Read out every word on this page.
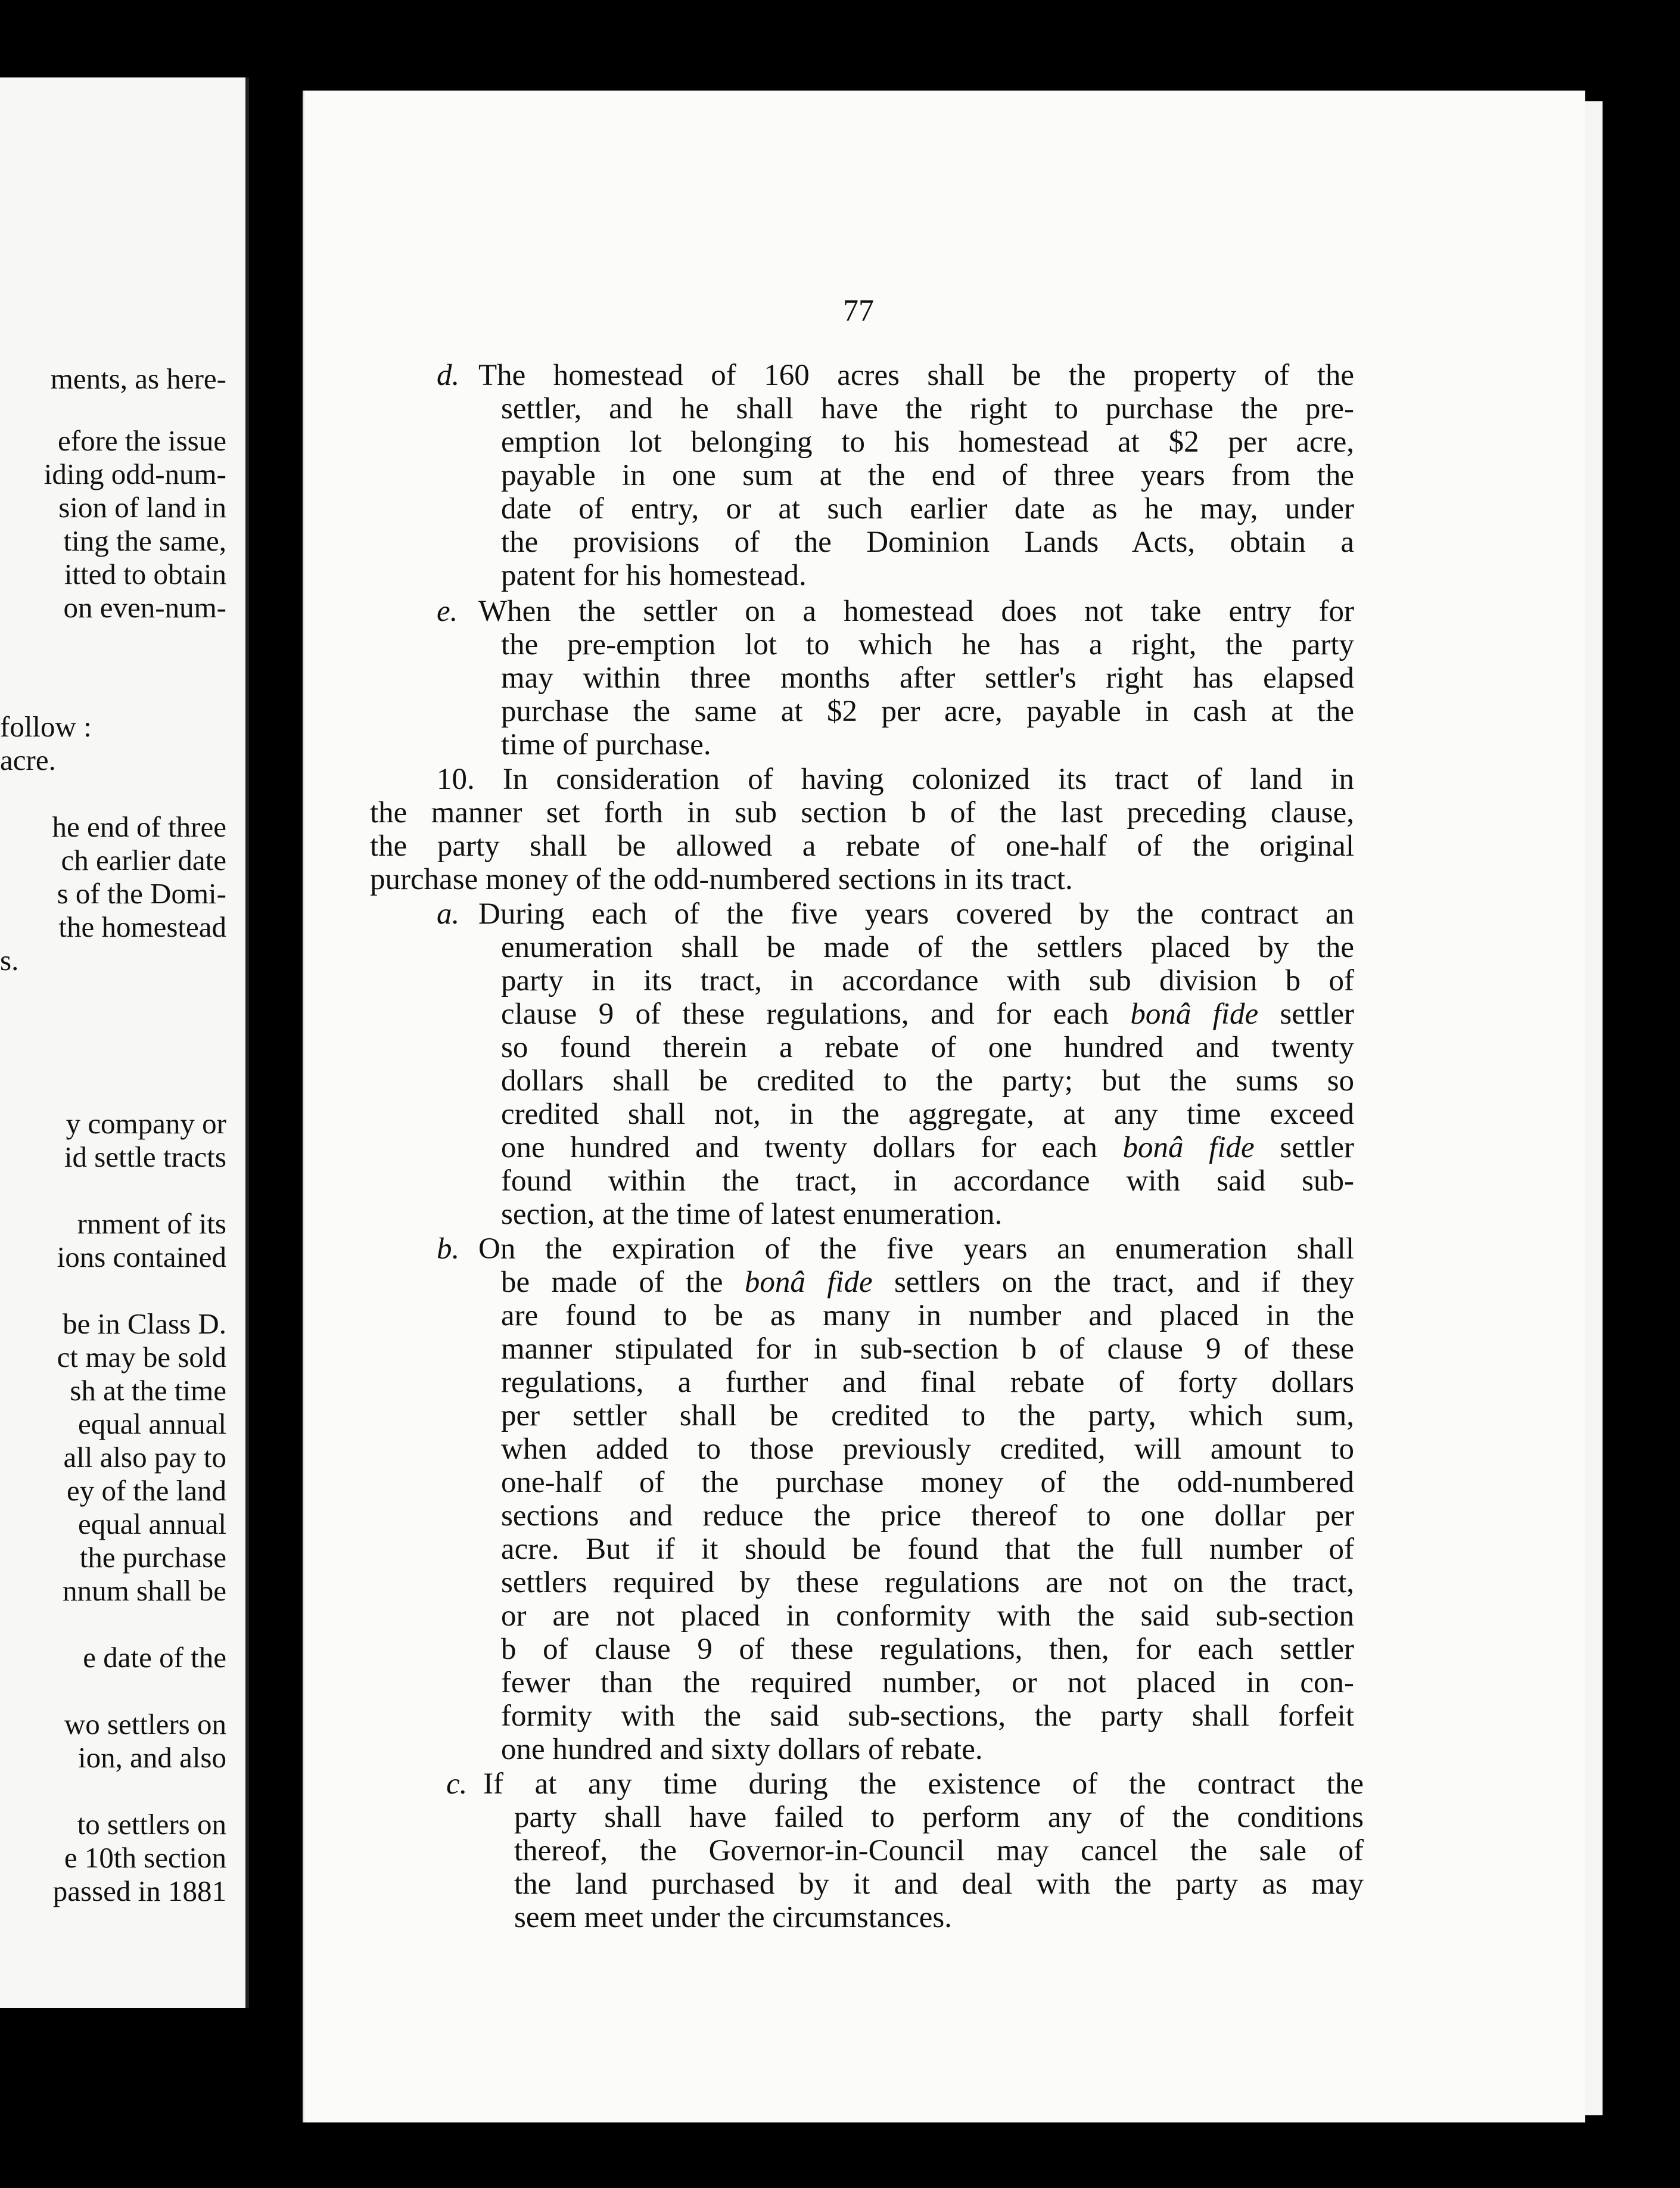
ments, as here-
efore the issue
iding odd-num-
sion of land in
ting the same,
itted to obtain
on even-num-
follow :
acre.
he end of three
ch earlier date
s of the Domi-
the homestead
s.
y company or
id settle tracts
rnment of its
ions contained
be in Class D.
ct may be sold
sh at the time
equal annual
all also pay to
ey of the land
equal annual
the purchase
nnum shall be
e date of the
wo settlers on
ion, and also
to settlers on
e 10th section
passed in 1881
77
d. The homestead of 160 acres shall be the property of the
settler, and he shall have the right to purchase the pre-
emption lot belonging to his homestead at $2 per acre,
payable in one sum at the end of three years from the
date of entry, or at such earlier date as he may, under
the provisions of the Dominion Lands Acts, obtain a
patent for his homestead.
e. When the settler on a homestead does not take entry for
the pre-emption lot to which he has a right, the party
may within three months after settler's right has elapsed
purchase the same at $2 per acre, payable in cash at the
time of purchase.
10. In consideration of having colonized its tract of land in
the manner set forth in sub section b of the last preceding clause,
the party shall be allowed a rebate of one-half of the original
purchase money of the odd-numbered sections in its tract.
a. During each of the five years covered by the contract an
enumeration shall be made of the settlers placed by the
party in its tract, in accordance with sub division b of
clause 9 of these regulations, and for each bonâ fide settler
so found therein a rebate of one hundred and twenty
dollars shall be credited to the party; but the sums so
credited shall not, in the aggregate, at any time exceed
one hundred and twenty dollars for each bonâ fide settler
found within the tract, in accordance with said sub-
section, at the time of latest enumeration.
b. On the expiration of the five years an enumeration shall
be made of the bonâ fide settlers on the tract, and if they
are found to be as many in number and placed in the
manner stipulated for in sub-section b of clause 9 of these
regulations, a further and final rebate of forty dollars
per settler shall be credited to the party, which sum,
when added to those previously credited, will amount to
one-half of the purchase money of the odd-numbered
sections and reduce the price thereof to one dollar per
acre. But if it should be found that the full number of
settlers required by these regulations are not on the tract,
or are not placed in conformity with the said sub-section
b of clause 9 of these regulations, then, for each settler
fewer than the required number, or not placed in con-
formity with the said sub-sections, the party shall forfeit
one hundred and sixty dollars of rebate.
c. If at any time during the existence of the contract the
party shall have failed to perform any of the conditions
thereof, the Governor-in-Council may cancel the sale of
the land purchased by it and deal with the party as may
seem meet under the circumstances.
